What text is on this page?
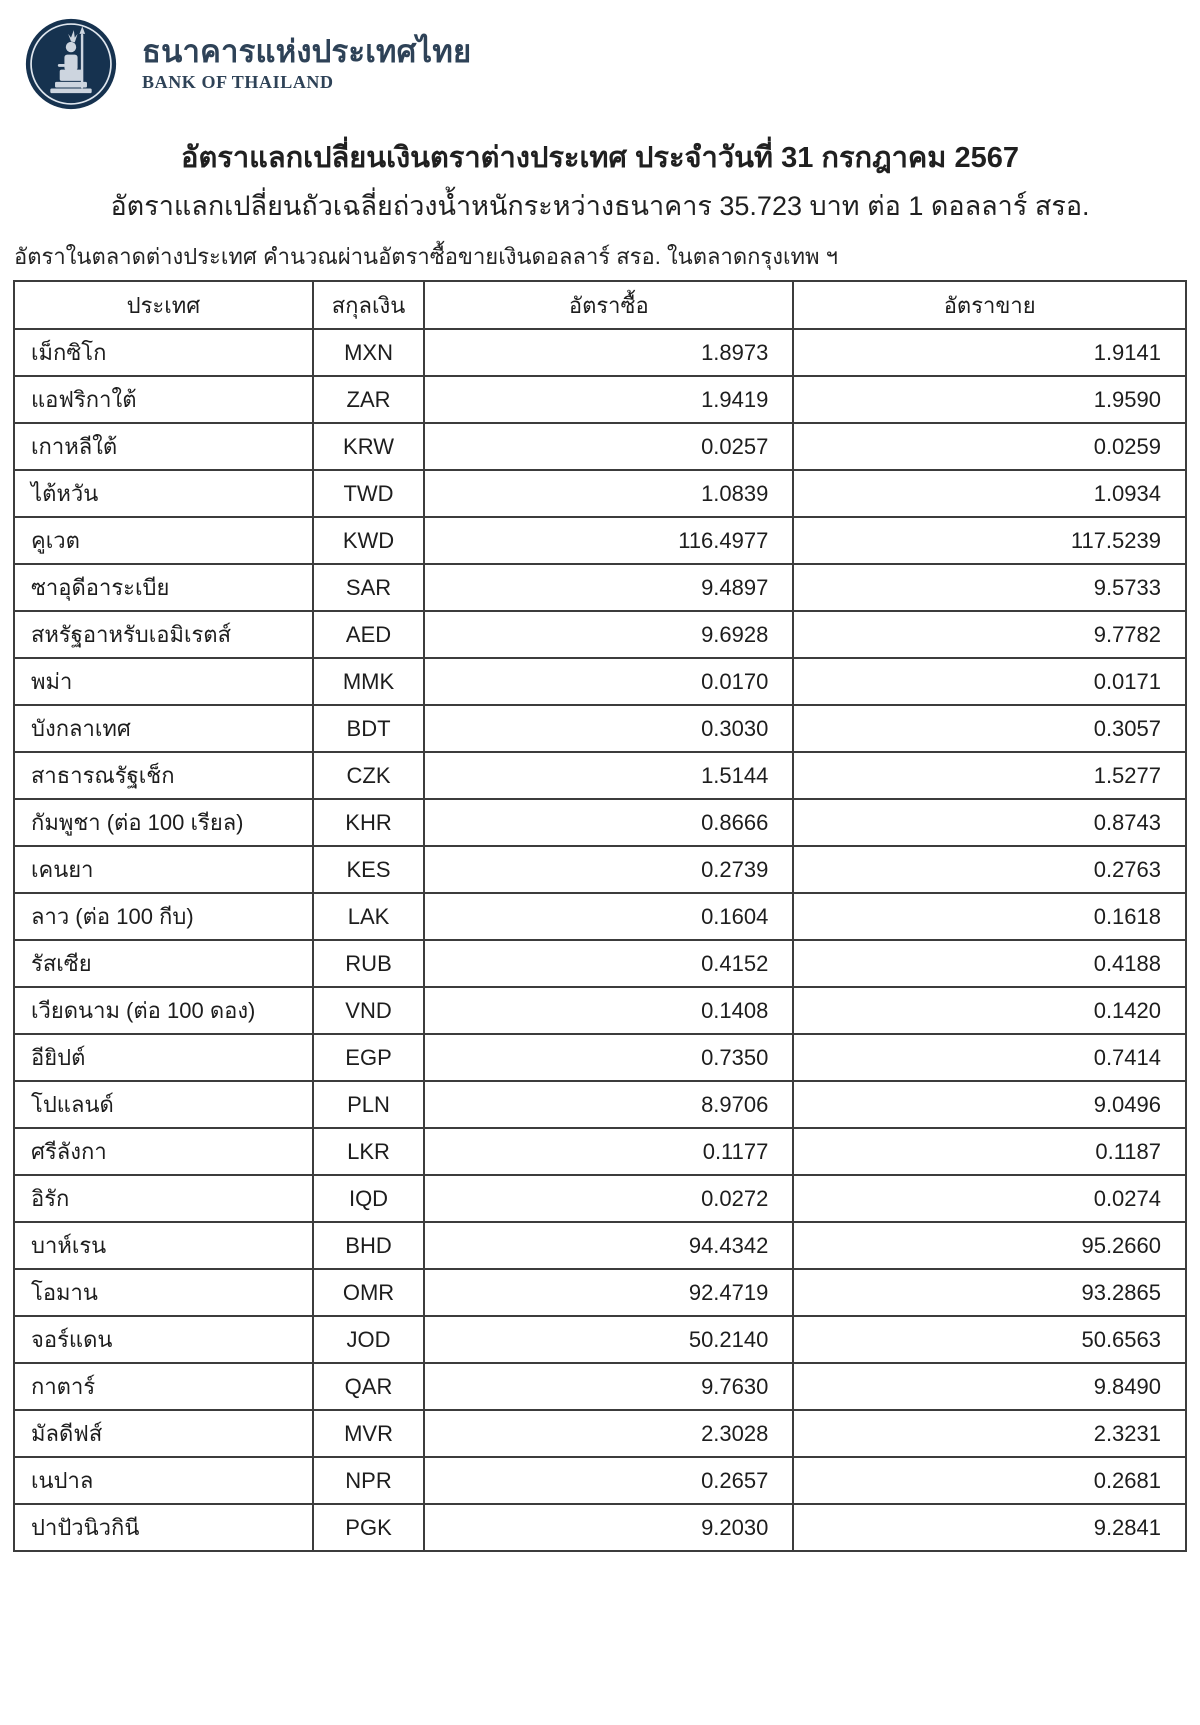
ธนาคารแห่งประเทศไทย
BANK OF THAILAND
อัตราแลกเปลี่ยนเงินตราต่างประเทศ ประจำวันที่ 31 กรกฎาคม 2567
อัตราแลกเปลี่ยนถัวเฉลี่ยถ่วงน้ำหนักระหว่างธนาคาร 35.723 บาท ต่อ 1 ดอลลาร์ สรอ.

อัตราในตลาดต่างประเทศ คำนวณผ่านอัตราซื้อขายเงินดอลลาร์ สรอ. ในตลาดกรุงเทพ ฯ

ประเทศ	สกุลเงิน	อัตราซื้อ	อัตราขาย
เม็กซิโก	MXN	1.8973	1.9141
แอฟริกาใต้	ZAR	1.9419	1.9590
เกาหลีใต้	KRW	0.0257	0.0259
ไต้หวัน	TWD	1.0839	1.0934
คูเวต	KWD	116.4977	117.5239
ซาอุดีอาระเบีย	SAR	9.4897	9.5733
สหรัฐอาหรับเอมิเรตส์	AED	9.6928	9.7782
พม่า	MMK	0.0170	0.0171
บังกลาเทศ	BDT	0.3030	0.3057
สาธารณรัฐเช็ก	CZK	1.5144	1.5277
กัมพูชา (ต่อ 100 เรียล)	KHR	0.8666	0.8743
เคนยา	KES	0.2739	0.2763
ลาว (ต่อ 100 กีบ)	LAK	0.1604	0.1618
รัสเซีย	RUB	0.4152	0.4188
เวียดนาม (ต่อ 100 ดอง)	VND	0.1408	0.1420
อียิปต์	EGP	0.7350	0.7414
โปแลนด์	PLN	8.9706	9.0496
ศรีลังกา	LKR	0.1177	0.1187
อิรัก	IQD	0.0272	0.0274
บาห์เรน	BHD	94.4342	95.2660
โอมาน	OMR	92.4719	93.2865
จอร์แดน	JOD	50.2140	50.6563
กาตาร์	QAR	9.7630	9.8490
มัลดีฟส์	MVR	2.3028	2.3231
เนปาล	NPR	0.2657	0.2681
ปาปัวนิวกินี	PGK	9.2030	9.2841
